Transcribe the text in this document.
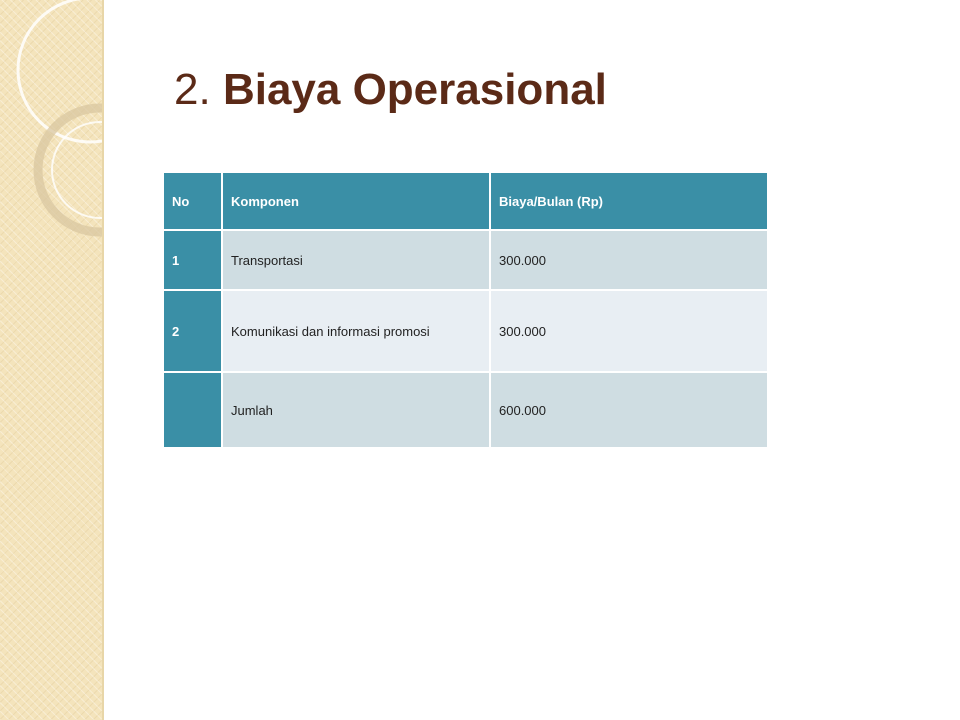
2. Biaya Operasional
No	Komponen	Biaya/Bulan (Rp)
1	Transportasi	300.000
2	Komunikasi dan informasi promosi	300.000
	Jumlah	600.000
